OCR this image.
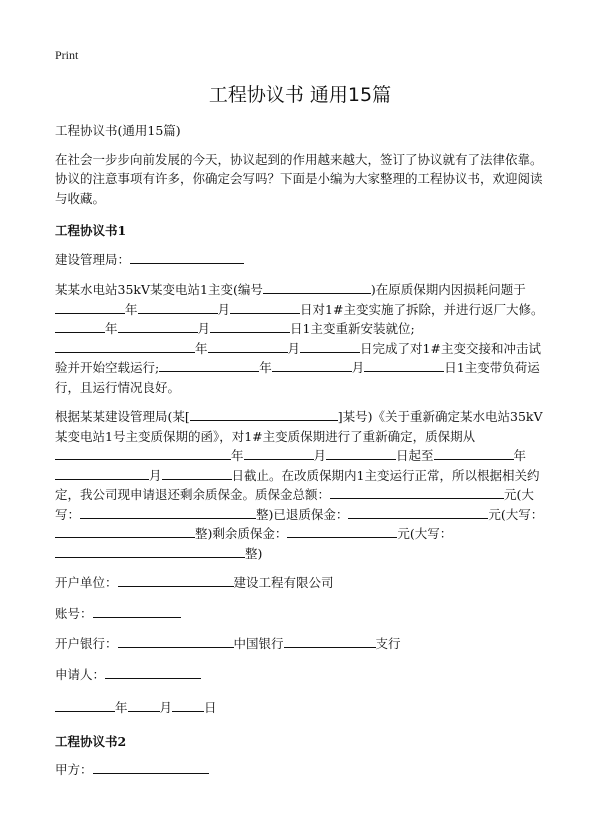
Print
工程协议书 通用15篇

工程协议书(通用15篇)

在社会一步步向前发展的今天，协议起到的作用越来越大，签订了协议就有了法律依靠。协议的注意事项有许多，你确定会写吗？下面是小编为大家整理的工程协议书，欢迎阅读与收藏。

工程协议书1

建设管理局：

某某水电站35kV某变电站1主变(编号	)在原质保期内因损耗问题于年	月	日对1#主变实施了拆除，并进行返厂大修。年	月	日1主变重新安装就位;年	月	日完成了对1#主变交接和冲击试验并开始空载运行;	年	月	日1主变带负荷运行，且运行情况良好。

根据某某建设管理局(某[	]某号)《关于重新确定某水电站35kV某变电站1号主变质保期的函》，对1#主变质保期进行了重新确定，质保期从年	月	日起至	年月	日截止。在改质保期内1主变运行正常，所以根据相关约定，我公司现申请退还剩余质保金。质保金总额：	元(大写：	整)已退质保金：	元(大写：整)剩余质保金：	元(大写：整)

开户单位：	建设工程有限公司

账号：

开户银行：	中国银行	支行

申请人：

年	月	日

工程协议书2

甲方：
